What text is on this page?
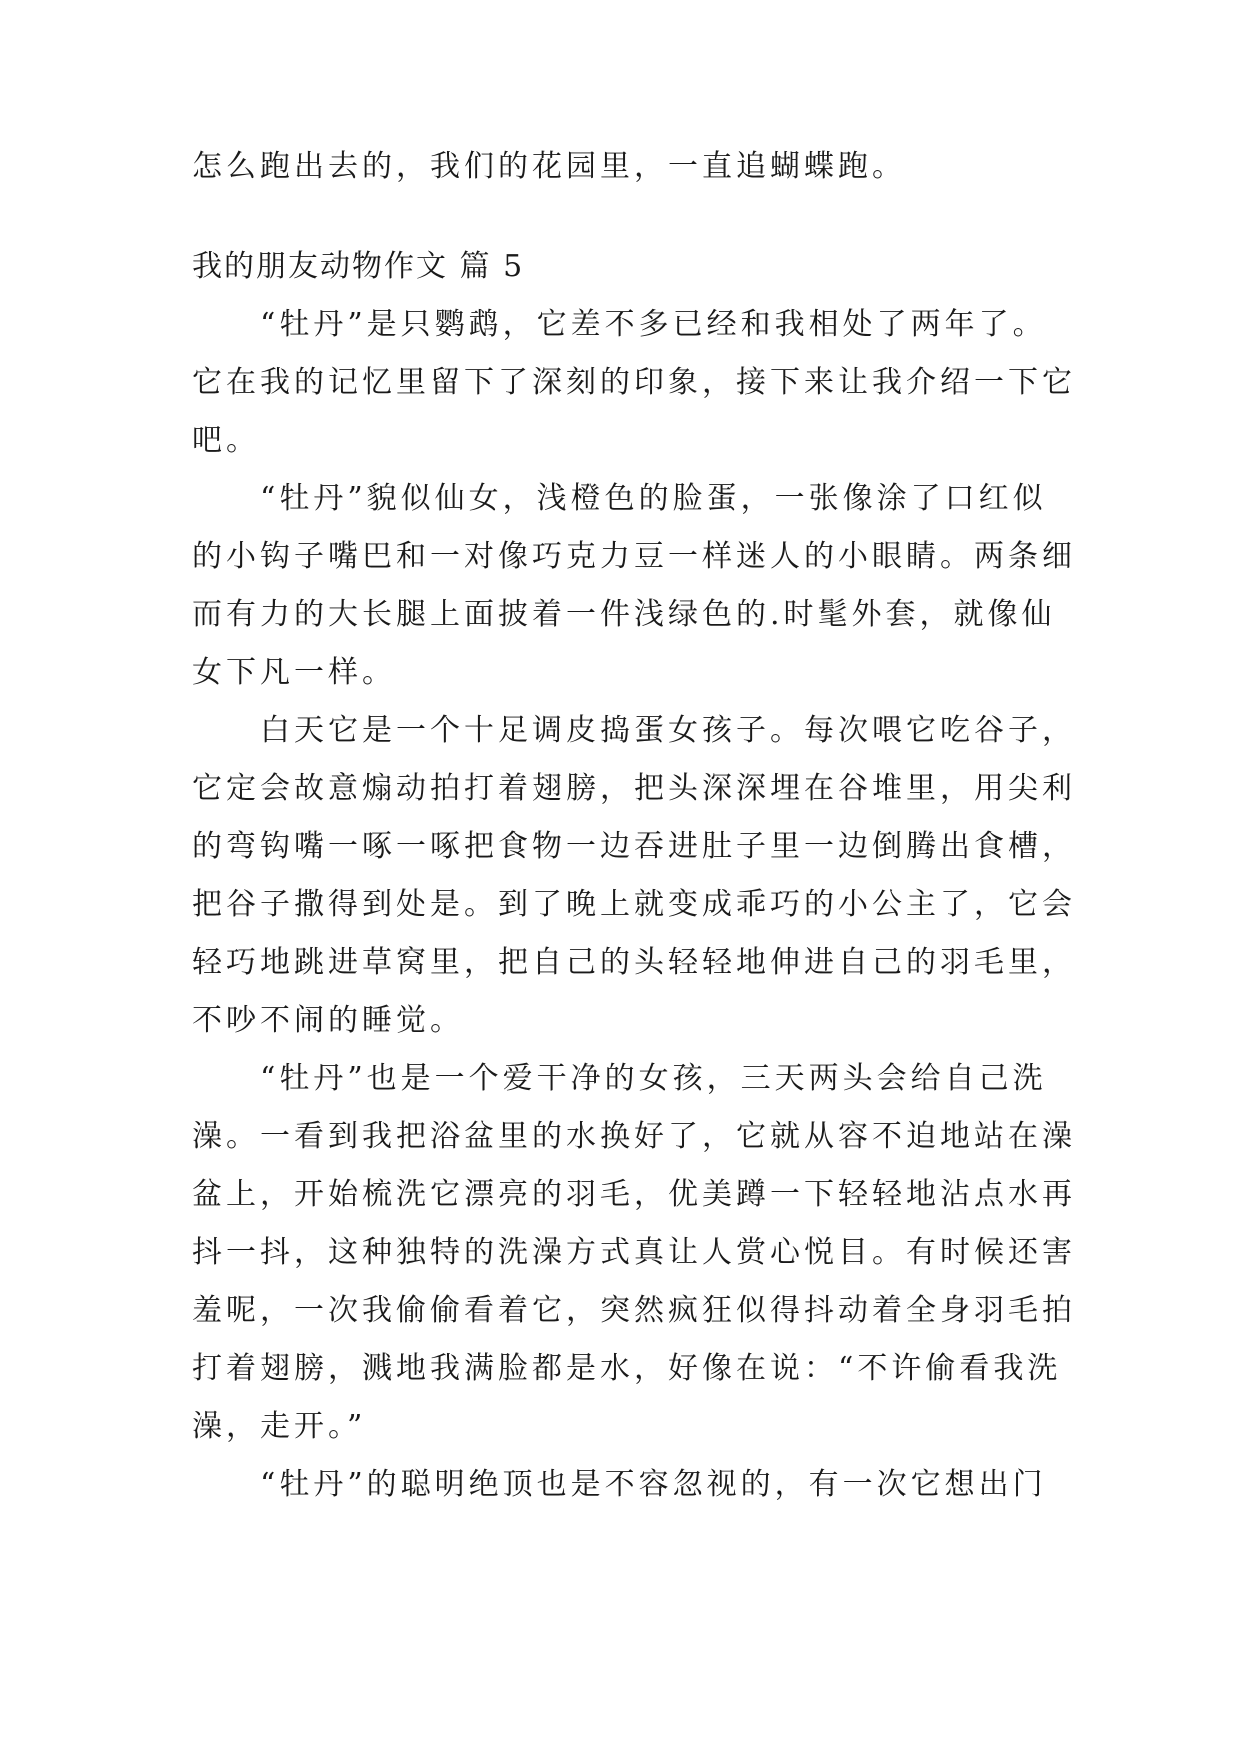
怎么跑出去的，我们的花园里，一直追蝴蝶跑。
我的朋友动物作文 篇 5
“牡丹”是只鹦鹉，它差不多已经和我相处了两年了。
它在我的记忆里留下了深刻的印象，接下来让我介绍一下它
吧。
“牡丹”貌似仙女，浅橙色的脸蛋，一张像涂了口红似
的小钩子嘴巴和一对像巧克力豆一样迷人的小眼睛。两条细
而有力的大长腿上面披着一件浅绿色的.时髦外套，就像仙
女下凡一样。
白天它是一个十足调皮捣蛋女孩子。每次喂它吃谷子，
它定会故意煽动拍打着翅膀，把头深深埋在谷堆里，用尖利
的弯钩嘴一啄一啄把食物一边吞进肚子里一边倒腾出食槽，
把谷子撒得到处是。到了晚上就变成乖巧的小公主了，它会
轻巧地跳进草窝里，把自己的头轻轻地伸进自己的羽毛里，
不吵不闹的睡觉。
“牡丹”也是一个爱干净的女孩，三天两头会给自己洗
澡。一看到我把浴盆里的水换好了，它就从容不迫地站在澡
盆上，开始梳洗它漂亮的羽毛，优美蹲一下轻轻地沾点水再
抖一抖，这种独特的洗澡方式真让人赏心悦目。有时候还害
羞呢，一次我偷偷看着它，突然疯狂似得抖动着全身羽毛拍
打着翅膀，溅地我满脸都是水，好像在说：“不许偷看我洗
澡，走开。”
“牡丹”的聪明绝顶也是不容忽视的，有一次它想出门
